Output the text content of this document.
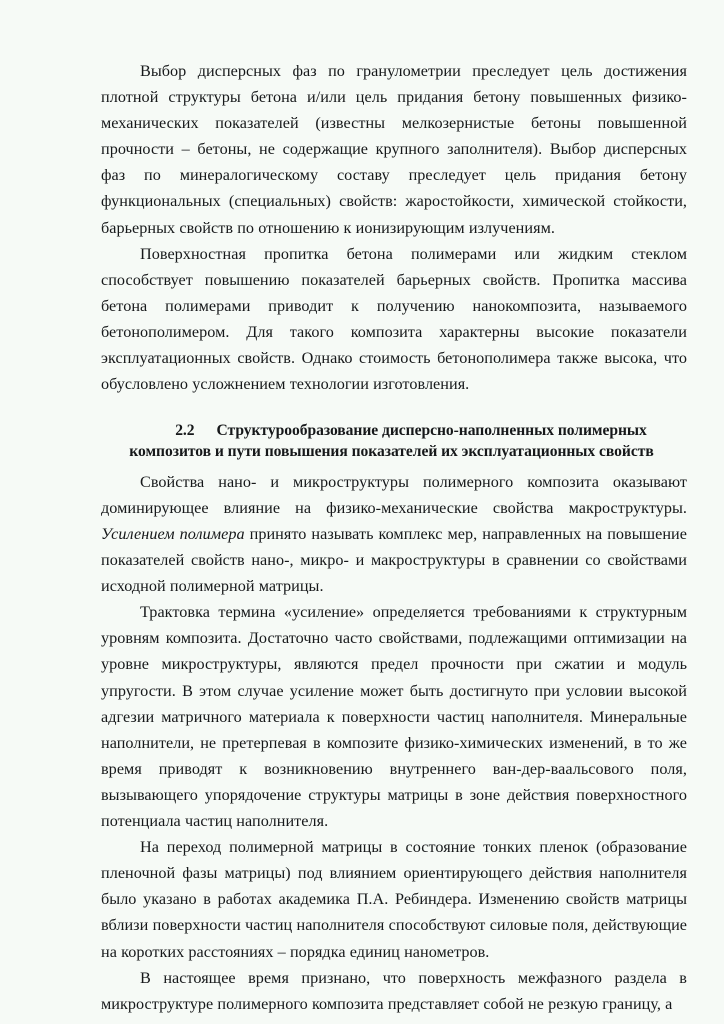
Выбор дисперсных фаз по гранулометрии преследует цель достижения плотной структуры бетона и/или цель придания бетону повышенных физико-механических показателей (известны мелкозернистые бетоны повышенной прочности – бетоны, не содержащие крупного заполнителя). Выбор дисперсных фаз по минералогическому составу преследует цель придания бетону функциональных (специальных) свойств: жаростойкости, химической стойкости, барьерных свойств по отношению к ионизирующим излучениям.

Поверхностная пропитка бетона полимерами или жидким стеклом способствует повышению показателей барьерных свойств. Пропитка массива бетона полимерами приводит к получению нанокомпозита, называемого бетонополимером. Для такого композита характерны высокие показатели эксплуатационных свойств. Однако стоимость бетонополимера также высока, что обусловлено усложнением технологии изготовления.

2.2 Структурообразование дисперсно-наполненных полимерных
композитов и пути повышения показателей их эксплуатационных свойств

Свойства нано- и микроструктуры полимерного композита оказывают доминирующее влияние на физико-механические свойства макроструктуры. Усилением полимера принято называть комплекс мер, направленных на повышение показателей свойств нано-, микро- и макроструктуры в сравнении со свойствами исходной полимерной матрицы.

Трактовка термина «усиление» определяется требованиями к структурным уровням композита. Достаточно часто свойствами, подлежащими оптимизации на уровне микроструктуры, являются предел прочности при сжатии и модуль упругости. В этом случае усиление может быть достигнуто при условии высокой адгезии матричного материала к поверхности частиц наполнителя. Минеральные наполнители, не претерпевая в композите физико-химических изменений, в то же время приводят к возникновению внутреннего ван-дер-ваальсового поля, вызывающего упорядочение структуры матрицы в зоне действия поверхностного потенциала частиц наполнителя.

На переход полимерной матрицы в состояние тонких пленок (образование пленочной фазы матрицы) под влиянием ориентирующего действия наполнителя было указано в работах академика П.А. Ребиндера. Изменению свойств матрицы вблизи поверхности частиц наполнителя способствуют силовые поля, действующие на коротких расстояниях – порядка единиц нанометров.

В настоящее время признано, что поверхность межфазного раздела в микроструктуре полимерного композита представляет собой не резкую границу, а
